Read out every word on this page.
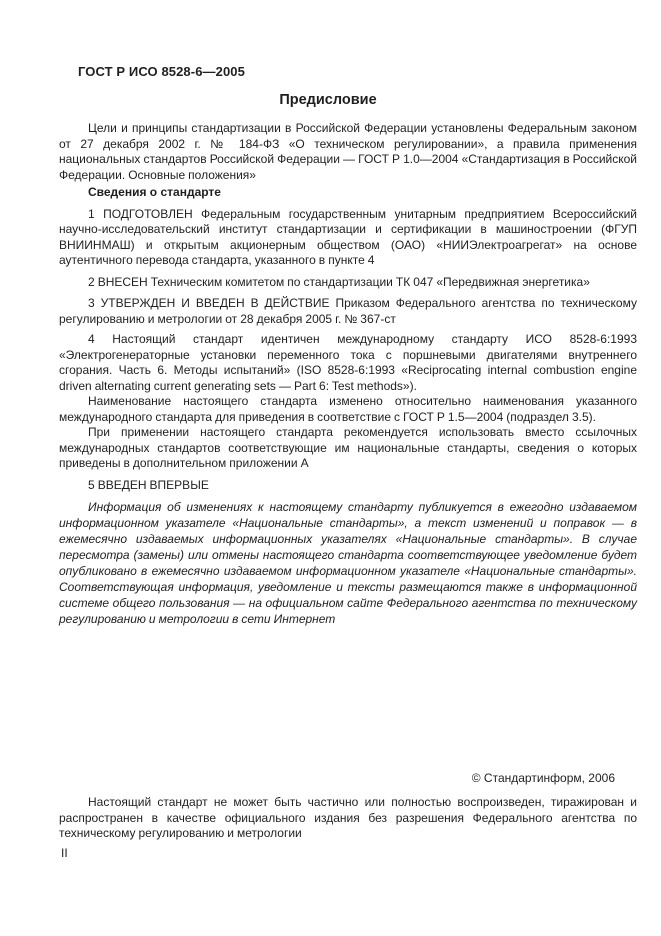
ГОСТ Р ИСО 8528-6—2005
Предисловие

Цели и принципы стандартизации в Российской Федерации установлены Федеральным законом от 27 декабря 2002 г. № 184-ФЗ «О техническом регулировании», а правила применения национальных стандартов Российской Федерации — ГОСТ Р 1.0—2004 «Стандартизация в Российской Федерации. Основные положения»

Сведения о стандарте

1 ПОДГОТОВЛЕН Федеральным государственным унитарным предприятием Всероссийский научно-исследовательский институт стандартизации и сертификации в машиностроении (ФГУП ВНИИНМАШ) и открытым акционерным обществом (ОАО) «НИИЭлектроагрегат» на основе аутентичного перевода стандарта, указанного в пункте 4

2 ВНЕСЕН Техническим комитетом по стандартизации ТК 047 «Передвижная энергетика»

3 УТВЕРЖДЕН И ВВЕДЕН В ДЕЙСТВИЕ Приказом Федерального агентства по техническому регулированию и метрологии от 28 декабря 2005 г. № 367-ст

4 Настоящий стандарт идентичен международному стандарту ИСО 8528-6:1993 «Электрогенераторные установки переменного тока с поршневыми двигателями внутреннего сгорания. Часть 6. Методы испытаний» (ISO 8528-6:1993 «Reciprocating internal combustion engine driven alternating current generating sets — Part 6: Test methods»).

Наименование настоящего стандарта изменено относительно наименования указанного международного стандарта для приведения в соответствие с ГОСТ Р 1.5—2004 (подраздел 3.5).

При применении настоящего стандарта рекомендуется использовать вместо ссылочных международных стандартов соответствующие им национальные стандарты, сведения о которых приведены в дополнительном приложении А

5 ВВЕДЕН ВПЕРВЫЕ

Информация об изменениях к настоящему стандарту публикуется в ежегодно издаваемом информационном указателе «Национальные стандарты», а текст изменений и поправок — в ежемесячно издаваемых информационных указателях «Национальные стандарты». В случае пересмотра (замены) или отмены настоящего стандарта соответствующее уведомление будет опубликовано в ежемесячно издаваемом информационном указателе «Национальные стандарты». Соответствующая информация, уведомление и тексты размещаются также в информационной системе общего пользования — на официальном сайте Федерального агентства по техническому регулированию и метрологии в сети Интернет

© Стандартинформ, 2006

Настоящий стандарт не может быть частично или полностью воспроизведен, тиражирован и распространен в качестве официального издания без разрешения Федерального агентства по техническому регулированию и метрологии

II
